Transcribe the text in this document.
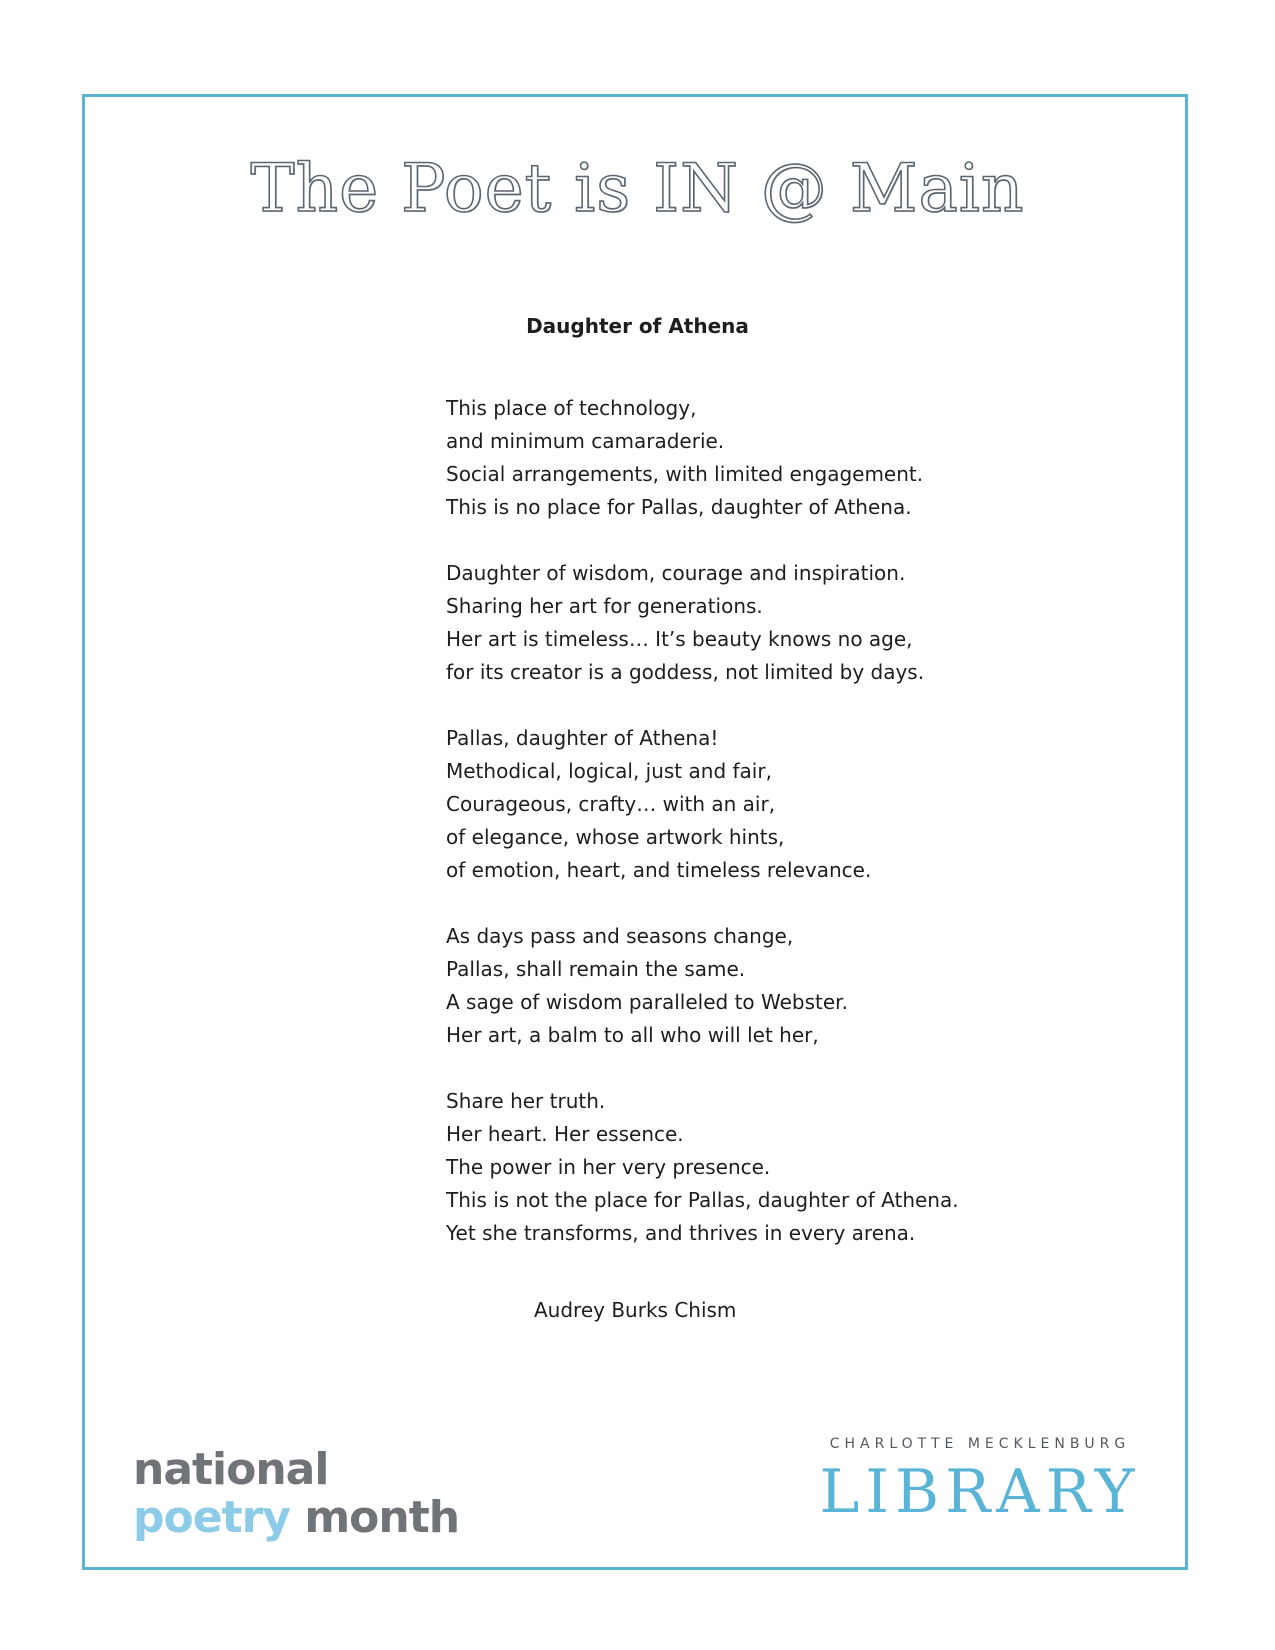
The Poet is IN @ Main
Daughter of Athena
This place of technology,
and minimum camaraderie.
Social arrangements, with limited engagement.
This is no place for Pallas, daughter of Athena.
Daughter of wisdom, courage and inspiration.
Sharing her art for generations.
Her art is timeless… It’s beauty knows no age,
for its creator is a goddess, not limited by days.
Pallas, daughter of Athena!
Methodical, logical, just and fair,
Courageous, crafty… with an air,
of elegance, whose artwork hints,
of emotion, heart, and timeless relevance.
As days pass and seasons change,
Pallas, shall remain the same.
A sage of wisdom paralleled to Webster.
Her art, a balm to all who will let her,
Share her truth.
Her heart. Her essence.
The power in her very presence.
This is not the place for Pallas, daughter of Athena.
Yet she transforms, and thrives in every arena.
Audrey Burks Chism
national
poetry month
CHARLOTTE MECKLENBURG
LIBRARY
